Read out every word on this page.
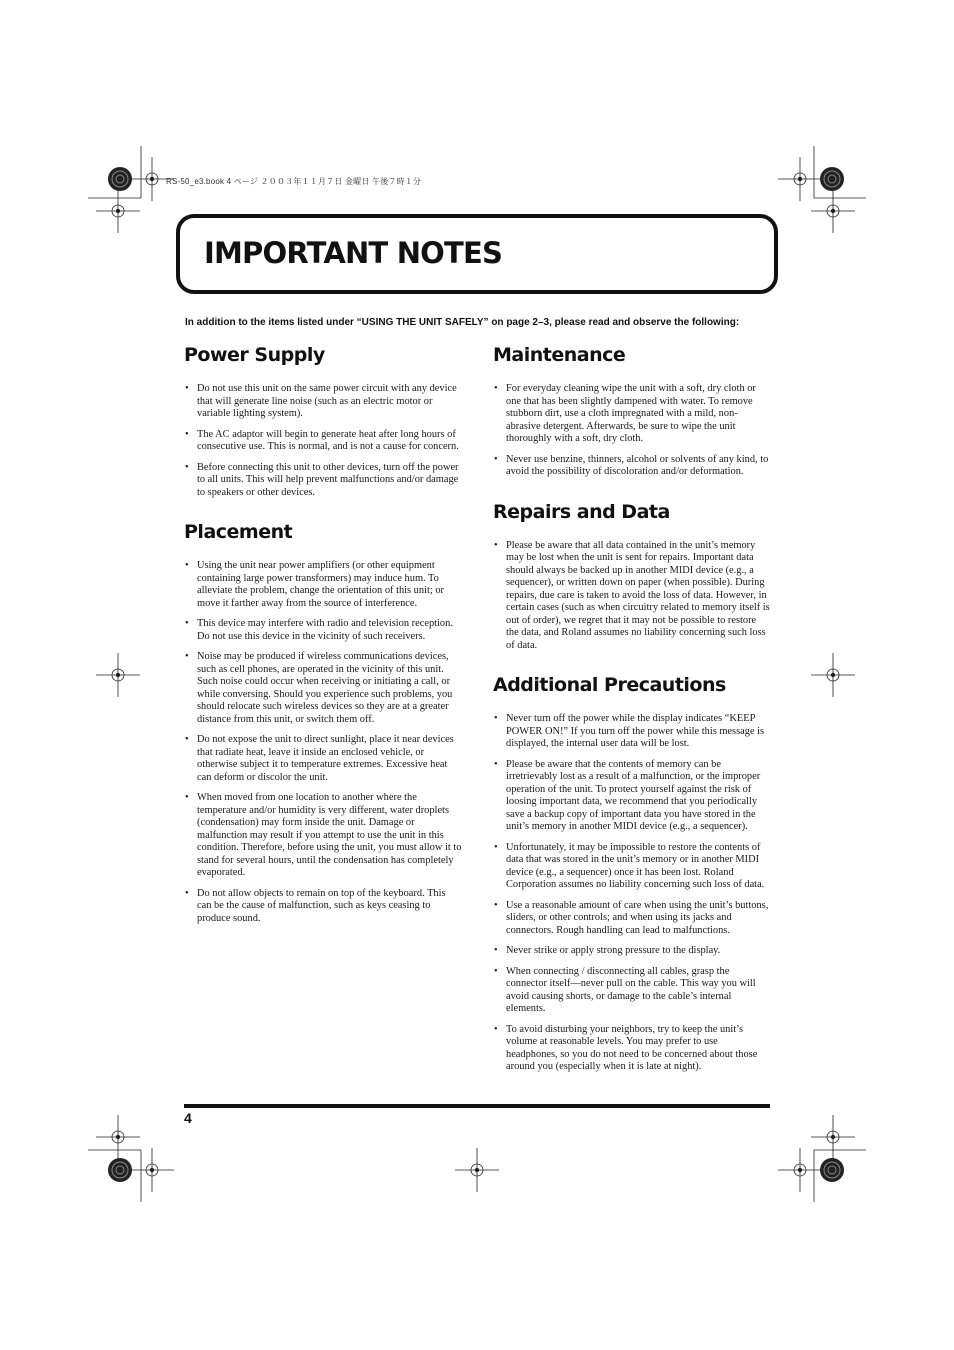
RS-50_e3.book 4 ページ ２００３年１１月７日 金曜日 午後７時１分
IMPORTANT NOTES
In addition to the items listed under “USING THE UNIT SAFELY” on page 2–3, please read and observe the following:
Power Supply
• Do not use this unit on the same power circuit with any device that will generate line noise (such as an electric motor or variable lighting system).
• The AC adaptor will begin to generate heat after long hours of consecutive use. This is normal, and is not a cause for concern.
• Before connecting this unit to other devices, turn off the power to all units. This will help prevent malfunctions and/or damage to speakers or other devices.
Placement
• Using the unit near power amplifiers (or other equipment containing large power transformers) may induce hum. To alleviate the problem, change the orientation of this unit; or move it farther away from the source of interference.
• This device may interfere with radio and television reception. Do not use this device in the vicinity of such receivers.
• Noise may be produced if wireless communications devices, such as cell phones, are operated in the vicinity of this unit. Such noise could occur when receiving or initiating a call, or while conversing. Should you experience such problems, you should relocate such wireless devices so they are at a greater distance from this unit, or switch them off.
• Do not expose the unit to direct sunlight, place it near devices that radiate heat, leave it inside an enclosed vehicle, or otherwise subject it to temperature extremes. Excessive heat can deform or discolor the unit.
• When moved from one location to another where the temperature and/or humidity is very different, water droplets (condensation) may form inside the unit. Damage or malfunction may result if you attempt to use the unit in this condition. Therefore, before using the unit, you must allow it to stand for several hours, until the condensation has completely evaporated.
• Do not allow objects to remain on top of the keyboard. This can be the cause of malfunction, such as keys ceasing to produce sound.
Maintenance
• For everyday cleaning wipe the unit with a soft, dry cloth or one that has been slightly dampened with water. To remove stubborn dirt, use a cloth impregnated with a mild, non-abrasive detergent. Afterwards, be sure to wipe the unit thoroughly with a soft, dry cloth.
• Never use benzine, thinners, alcohol or solvents of any kind, to avoid the possibility of discoloration and/or deformation.
Repairs and Data
• Please be aware that all data contained in the unit’s memory may be lost when the unit is sent for repairs. Important data should always be backed up in another MIDI device (e.g., a sequencer), or written down on paper (when possible). During repairs, due care is taken to avoid the loss of data. However, in certain cases (such as when circuitry related to memory itself is out of order), we regret that it may not be possible to restore the data, and Roland assumes no liability concerning such loss of data.
Additional Precautions
• Never turn off the power while the display indicates “KEEP POWER ON!” If you turn off the power while this message is displayed, the internal user data will be lost.
• Please be aware that the contents of memory can be irretrievably lost as a result of a malfunction, or the improper operation of the unit. To protect yourself against the risk of loosing important data, we recommend that you periodically save a backup copy of important data you have stored in the unit’s memory in another MIDI device (e.g., a sequencer).
• Unfortunately, it may be impossible to restore the contents of data that was stored in the unit’s memory or in another MIDI device (e.g., a sequencer) once it has been lost. Roland Corporation assumes no liability concerning such loss of data.
• Use a reasonable amount of care when using the unit’s buttons, sliders, or other controls; and when using its jacks and connectors. Rough handling can lead to malfunctions.
• Never strike or apply strong pressure to the display.
• When connecting / disconnecting all cables, grasp the connector itself—never pull on the cable. This way you will avoid causing shorts, or damage to the cable’s internal elements.
• To avoid disturbing your neighbors, try to keep the unit’s volume at reasonable levels. You may prefer to use headphones, so you do not need to be concerned about those around you (especially when it is late at night).
4
